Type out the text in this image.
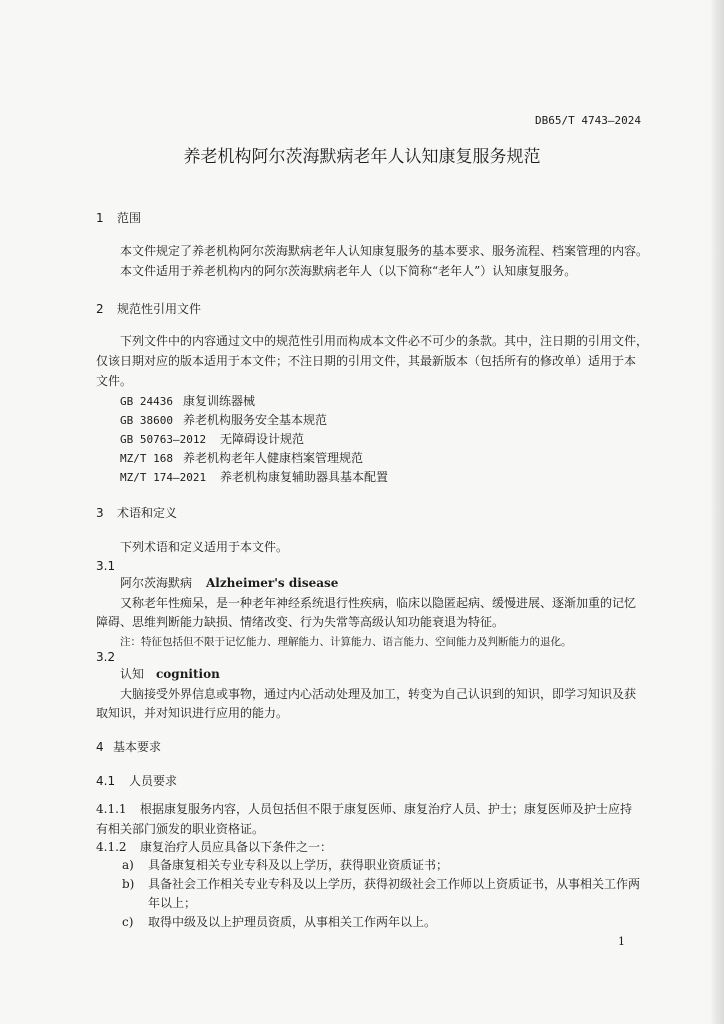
DB65/T 4743—2024
养老机构阿尔茨海默病老年人认知康复服务规范
1 范围
本文件规定了养老机构阿尔茨海默病老年人认知康复服务的基本要求、服务流程、档案管理的内容。
本文件适用于养老机构内的阿尔茨海默病老年人（以下简称“老年人”）认知康复服务。
2 规范性引用文件
下列文件中的内容通过文中的规范性引用而构成本文件必不可少的条款。其中，注日期的引用文件，
仅该日期对应的版本适用于本文件；不注日期的引用文件，其最新版本（包括所有的修改单）适用于本
文件。
GB 24436 康复训练器械
GB 38600 养老机构服务安全基本规范
GB 50763—2012 无障碍设计规范
MZ/T 168 养老机构老年人健康档案管理规范
MZ/T 174—2021 养老机构康复辅助器具基本配置
3 术语和定义
下列术语和定义适用于本文件。
3.1
阿尔茨海默病 Alzheimer's disease
又称老年性痴呆，是一种老年神经系统退行性疾病，临床以隐匿起病、缓慢进展、逐渐加重的记忆
障碍、思维判断能力缺损、情绪改变、行为失常等高级认知功能衰退为特征。
注：特征包括但不限于记忆能力、理解能力、计算能力、语言能力、空间能力及判断能力的退化。
3.2
认知 cognition
大脑接受外界信息或事物，通过内心活动处理及加工，转变为自己认识到的知识，即学习知识及获
取知识，并对知识进行应用的能力。
4 基本要求
4.1 人员要求
4.1.1 根据康复服务内容，人员包括但不限于康复医师、康复治疗人员、护士；康复医师及护士应持
有相关部门颁发的职业资格证。
4.1.2 康复治疗人员应具备以下条件之一：
a) 具备康复相关专业专科及以上学历，获得职业资质证书；
b) 具备社会工作相关专业专科及以上学历，获得初级社会工作师以上资质证书，从事相关工作两
年以上；
c) 取得中级及以上护理员资质，从事相关工作两年以上。
1
